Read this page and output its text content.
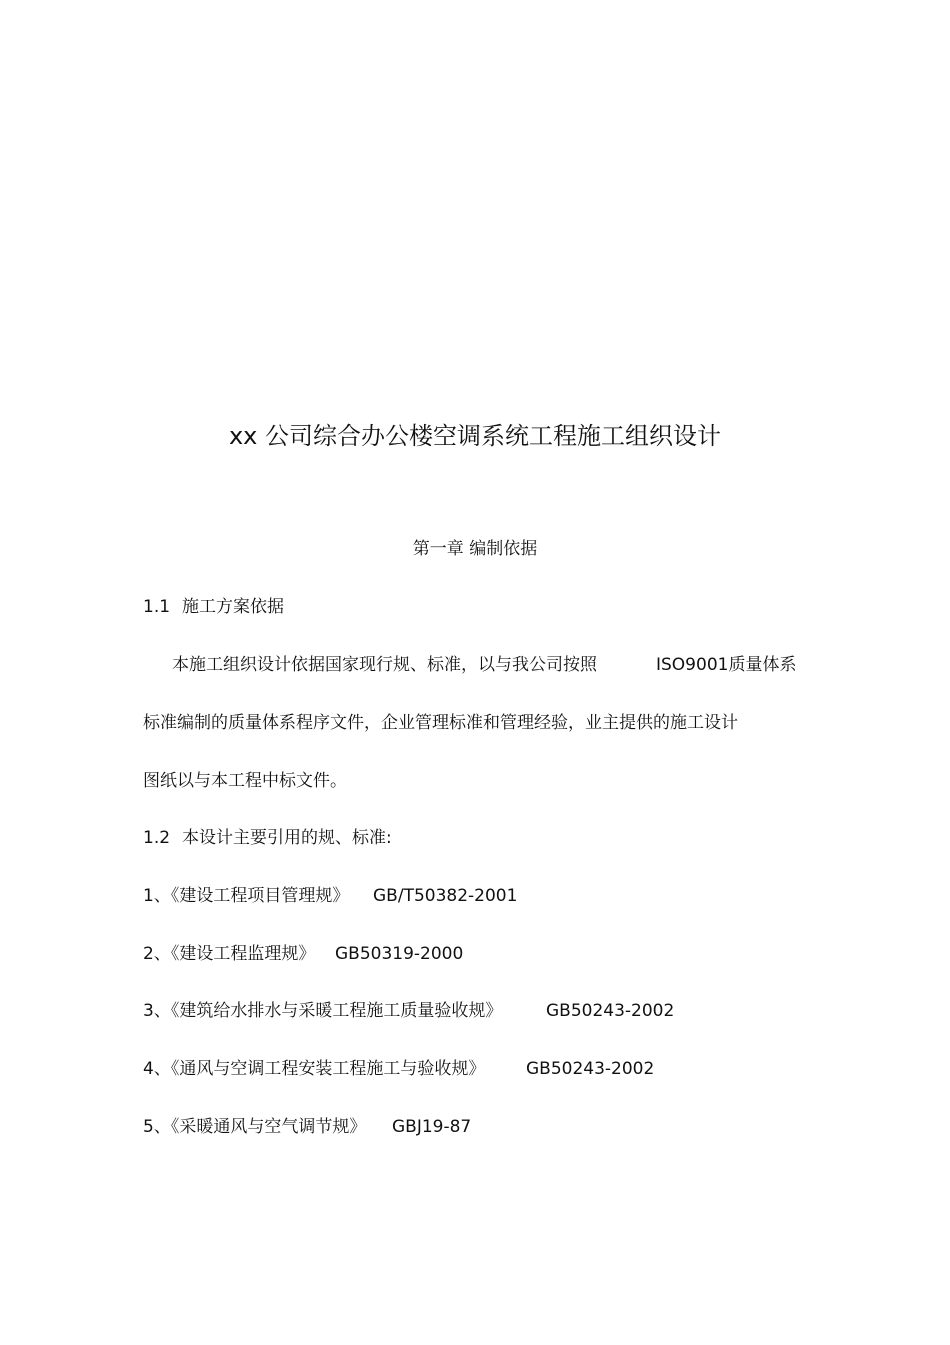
xx 公司综合办公楼空调系统工程施工组织设计
第一章 编制依据
1.1 施工方案依据
本施工组织设计依据国家现行规、标准，以与我公司按照	ISO9001质量体系
标准编制的质量体系程序文件，企业管理标准和管理经验，业主提供的施工设计
图纸以与本工程中标文件。
1.2 本设计主要引用的规、标准:
1、《建设工程项目管理规》 GB/T50382-2001
2、《建设工程监理规》 GB50319-2000
3、《建筑给水排水与采暖工程施工质量验收规》	GB50243-2002
4、《通风与空调工程安装工程施工与验收规》 GB50243-2002
5、《采暖通风与空气调节规》 GBJ19-87
